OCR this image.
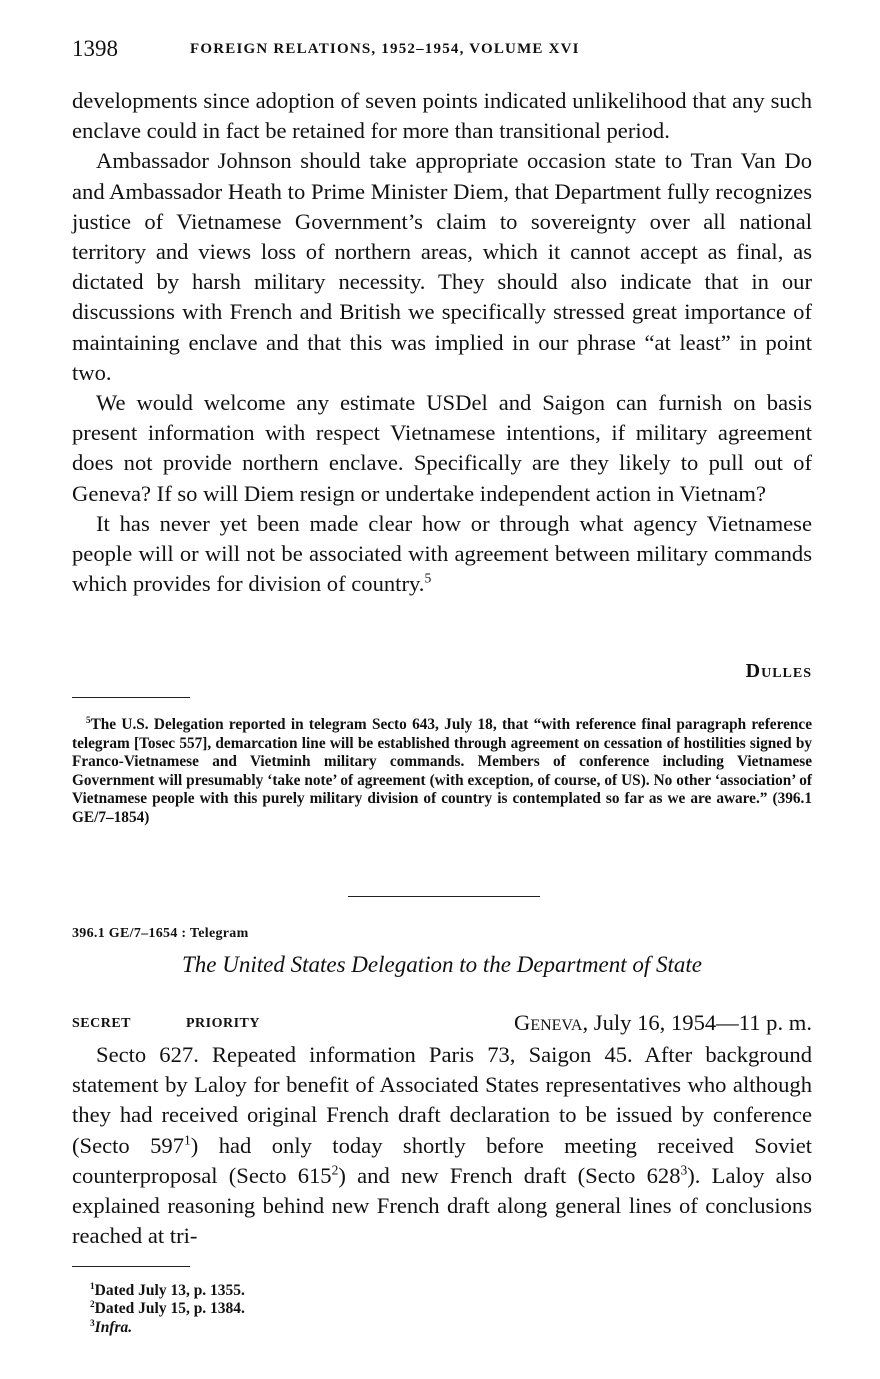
1398	FOREIGN RELATIONS, 1952–1954, VOLUME XVI

developments since adoption of seven points indicated unlikelihood that any such enclave could in fact be retained for more than transitional period.

Ambassador Johnson should take appropriate occasion state to Tran Van Do and Ambassador Heath to Prime Minister Diem, that Department fully recognizes justice of Vietnamese Government’s claim to sovereignty over all national territory and views loss of northern areas, which it cannot accept as final, as dictated by harsh military necessity. They should also indicate that in our discussions with French and British we specifically stressed great importance of maintaining enclave and that this was implied in our phrase “at least” in point two.

We would welcome any estimate USDel and Saigon can furnish on basis present information with respect Vietnamese intentions, if military agreement does not provide northern enclave. Specifically are they likely to pull out of Geneva? If so will Diem resign or undertake independent action in Vietnam?

It has never yet been made clear how or through what agency Vietnamese people will or will not be associated with agreement between military commands which provides for division of country.$^5$

Dulles

$^5$The U.S. Delegation reported in telegram Secto 643, July 18, that “with reference final paragraph reference telegram [Tosec 557], demarcation line will be established through agreement on cessation of hostilities signed by Franco-Vietnamese and Vietminh military commands. Members of conference including Vietnamese Government will presumably ‘take note’ of agreement (with exception, of course, of US). No other ‘association’ of Vietnamese people with this purely military division of country is contemplated so far as we are aware.” (396.1 GE/7–1854)

396.1 GE/7–1654 : Telegram
The United States Delegation to the Department of State
SECRET	PRIORITY	Geneva, July 16, 1954—11 p. m.

Secto 627. Repeated information Paris 73, Saigon 45. After background statement by Laloy for benefit of Associated States representatives who although they had received original French draft declaration to be issued by conference (Secto $597^1$) had only today shortly before meeting received Soviet counterproposal (Secto $615^2$) and new French draft (Secto $628^3$). Laloy also explained reasoning behind new French draft along general lines of conclusions reached at tri-

$^1$Dated July 13, p. 1355.

$^2$Dated July 15, p. 1384.

$^3$Infra.
